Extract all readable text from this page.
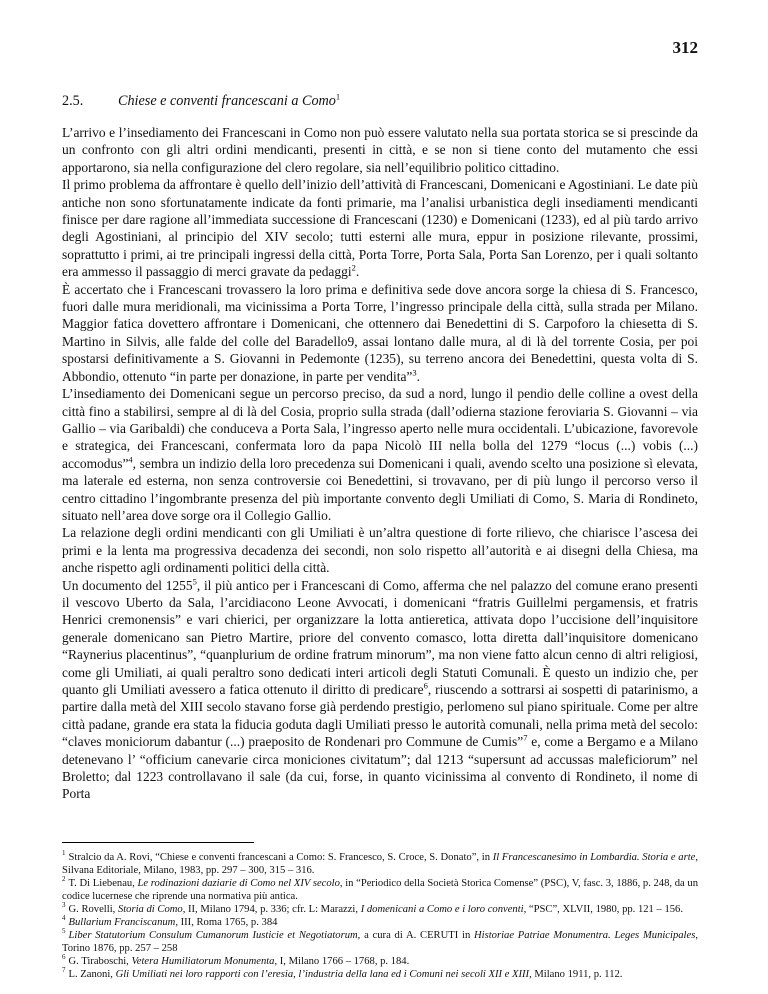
312
2.5. Chiese e conventi francescani a Como$^1$

L’arrivo e l’insediamento dei Francescani in Como non può essere valutato nella sua portata storica se si prescinde da un confronto con gli altri ordini mendicanti, presenti in città, e se non si tiene conto del mutamento che essi apportarono, sia nella configurazione del clero regolare, sia nell’equilibrio politico cittadino.

Il primo problema da affrontare è quello dell’inizio dell’attività di Francescani, Domenicani e Agostiniani. Le date più antiche non sono sfortunatamente indicate da fonti primarie, ma l’analisi urbanistica degli insediamenti mendicanti finisce per dare ragione all’immediata successione di Francescani (1230) e Domenicani (1233), ed al più tardo arrivo degli Agostiniani, al principio del XIV secolo; tutti esterni alle mura, eppur in posizione rilevante, prossimi, soprattutto i primi, ai tre principali ingressi della città, Porta Torre, Porta Sala, Porta San Lorenzo, per i quali soltanto era ammesso il passaggio di merci gravate da pedaggi$^2$.

È accertato che i Francescani trovassero la loro prima e definitiva sede dove ancora sorge la chiesa di S. Francesco, fuori dalle mura meridionali, ma vicinissima a Porta Torre, l’ingresso principale della città, sulla strada per Milano. Maggior fatica dovettero affrontare i Domenicani, che ottennero dai Benedettini di S. Carpoforo la chiesetta di S. Martino in Silvis, alle falde del colle del Baradello9, assai lontano dalle mura, al di là del torrente Cosia, per poi spostarsi definitivamente a S. Giovanni in Pedemonte (1235), su terreno ancora dei Benedettini, questa volta di S. Abbondio, ottenuto “in parte per donazione, in parte per vendita”$^3$.

L’insediamento dei Domenicani segue un percorso preciso, da sud a nord, lungo il pendio delle colline a ovest della città fino a stabilirsi, sempre al di là del Cosia, proprio sulla strada (dall’odierna stazione feroviaria S. Giovanni – via Gallio – via Garibaldi) che conduceva a Porta Sala, l’ingresso aperto nelle mura occidentali. L’ubicazione, favorevole e strategica, dei Francescani, confermata loro da papa Nicolò III nella bolla del 1279 “locus (...) vobis (...) accomodus”$^4$, sembra un indizio della loro precedenza sui Domenicani i quali, avendo scelto una posizione sì elevata, ma laterale ed esterna, non senza controversie coi Benedettini, si trovavano, per di più lungo il percorso verso il centro cittadino l’ingombrante presenza del più importante convento degli Umiliati di Como, S. Maria di Rondineto, situato nell’area dove sorge ora il Collegio Gallio.

La relazione degli ordini mendicanti con gli Umiliati è un’altra questione di forte rilievo, che chiarisce l’ascesa dei primi e la lenta ma progressiva decadenza dei secondi, non solo rispetto all’autorità e ai disegni della Chiesa, ma anche rispetto agli ordinamenti politici della città.

Un documento del 1255$^5$, il più antico per i Francescani di Como, afferma che nel palazzo del comune erano presenti il vescovo Uberto da Sala, l’arcidiacono Leone Avvocati, i domenicani “fratris Guillelmi pergamensis, et fratris Henrici cremonensis” e vari chierici, per organizzare la lotta antieretica, attivata dopo l’uccisione dell’inquisitore generale domenicano san Pietro Martire, priore del convento comasco, lotta diretta dall’inquisitore domenicano “Raynerius placentinus”, “quanplurium de ordine fratrum minorum”, ma non viene fatto alcun cenno di altri religiosi, come gli Umiliati, ai quali peraltro sono dedicati interi articoli degli Statuti Comunali. È questo un indizio che, per quanto gli Umiliati avessero a fatica ottenuto il diritto di predicare$^6$, riuscendo a sottrarsi ai sospetti di patarinismo, a partire dalla metà del XIII secolo stavano forse già perdendo prestigio, perlomeno sul piano spirituale. Come per altre città padane, grande era stata la fiducia goduta dagli Umiliati presso le autorità comunali, nella prima metà del secolo: “claves moniciorum dabantur (...) praeposito de Rondenari pro Commune de Cumis”$^7$ e, come a Bergamo e a Milano detenevano l’ “officium canevarie circa moniciones civitatum”; dal 1213 “supersunt ad accussas maleficiorum” nel Broletto; dal 1223 controllavano il sale (da cui, forse, in quanto vicinissima al convento di Rondineto, il nome di Porta

$^1$ Stralcio da A. Rovi, “Chiese e conventi francescani a Como: S. Francesco, S. Croce, S. Donato”, in Il Francescanesimo in Lombardia. Storia e arte, Silvana Editoriale, Milano, 1983, pp. 297 – 300, 315 – 316.

$^2$ T. Di Liebenau, Le rodinazioni daziarie di Como nel XIV secolo, in “Periodico della Società Storica Comense” (PSC), V, fasc. 3, 1886, p. 248, da un codice lucernese che riprende una normativa più antica.

$^3$ G. Rovelli, Storia di Como, II, Milano 1794, p. 336; cfr. L: Marazzi, I domenicani a Como e i loro conventi, “PSC”, XLVII, 1980, pp. 121 – 156.

$^4$ Bullarium Franciscanum, III, Roma 1765, p. 384

$^5$ Liber Statutorium Consulum Cumanorum Iusticie et Negotiatorum, a cura di A. CERUTI in Historiae Patriae Monumentra. Leges Municipales, Torino 1876, pp. 257 – 258

$^6$ G. Tiraboschi, Vetera Humiliatorum Monumenta, I, Milano 1766 – 1768, p. 184.

$^7$ L. Zanoni, Gli Umiliati nei loro rapporti con l’eresia, l’industria della lana ed i Comuni nei secoli XII e XIII, Milano 1911, p. 112.
